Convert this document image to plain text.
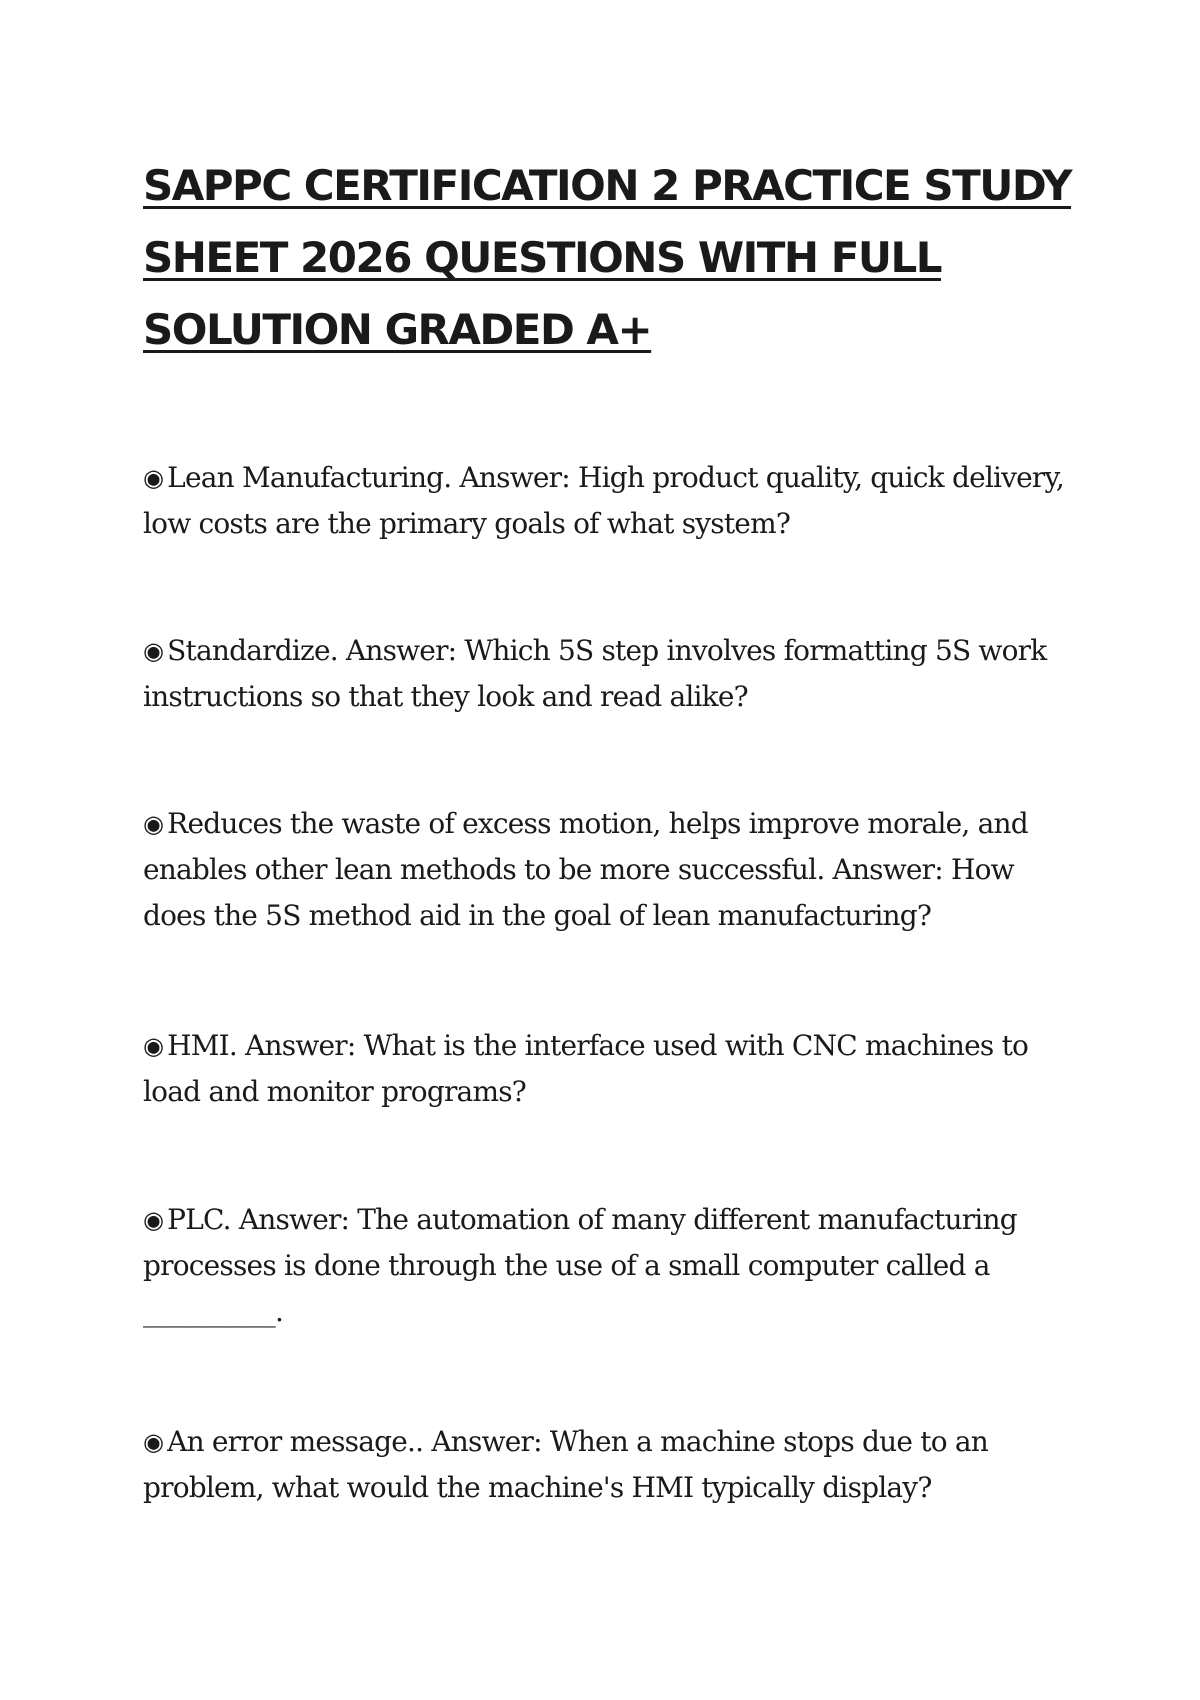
SAPPC CERTIFICATION 2 PRACTICE STUDY SHEET 2026 QUESTIONS WITH FULL SOLUTION GRADED A+

◉ Lean Manufacturing. Answer: High product quality, quick delivery, low costs are the primary goals of what system?

◉ Standardize. Answer: Which 5S step involves formatting 5S work instructions so that they look and read alike?

◉ Reduces the waste of excess motion, helps improve morale, and enables other lean methods to be more successful. Answer: How does the 5S method aid in the goal of lean manufacturing?

◉ HMI. Answer: What is the interface used with CNC machines to load and monitor programs?

◉ PLC. Answer: The automation of many different manufacturing processes is done through the use of a small computer called a __________.

◉ An error message.. Answer: When a machine stops due to an problem, what would the machine's HMI typically display?
